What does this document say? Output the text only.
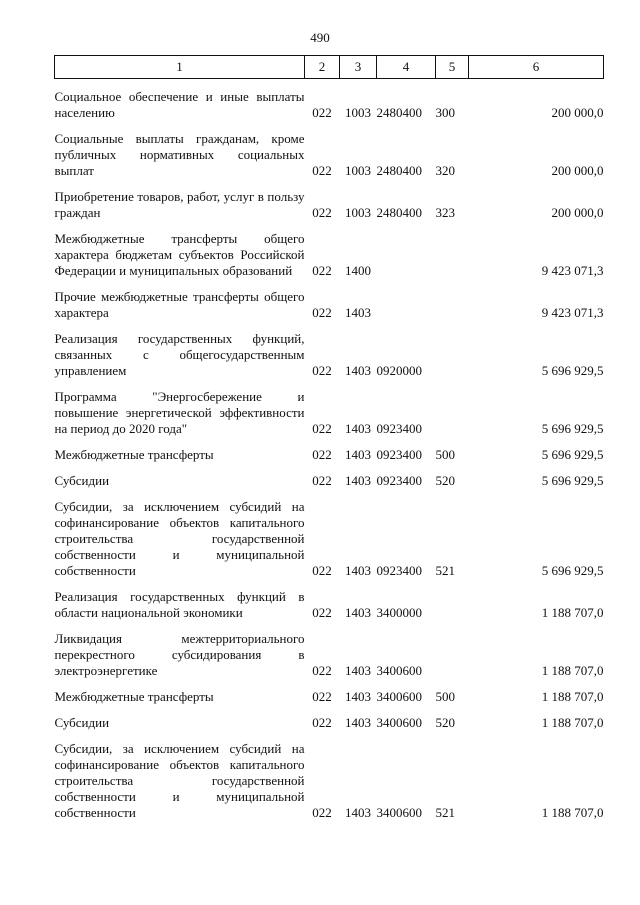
490
1	2	3	4	5	6

Социальное обеспечение и иные выплаты населению	022	1003	2480400	300	200 000,0

Социальные выплаты гражданам, кроме публичных нормативных социальных выплат	022	1003	2480400	320	200 000,0

Приобретение товаров, работ, услуг в пользу граждан	022	1003	2480400	323	200 000,0

Межбюджетные трансферты общего характера бюджетам субъектов Российской Федерации и муниципальных образований	022	1400			9 423 071,3

Прочие межбюджетные трансферты общего характера	022	1403			9 423 071,3

Реализация государственных функций, связанных с общегосударственным управлением	022	1403	0920000		5 696 929,5

Программа "Энергосбережение и повышение энергетической эффективности на период до 2020 года"	022	1403	0923400		5 696 929,5

Межбюджетные трансферты	022	1403	0923400	500	5 696 929,5

Субсидии	022	1403	0923400	520	5 696 929,5

Субсидии, за исключением субсидий на софинансирование объектов капитального строительства государственной собственности и муниципальной собственности	022	1403	0923400	521	5 696 929,5

Реализация государственных функций в области национальной экономики	022	1403	3400000		1 188 707,0

Ликвидация межтерриториального перекрестного субсидирования в электроэнергетике	022	1403	3400600		1 188 707,0

Межбюджетные трансферты	022	1403	3400600	500	1 188 707,0

Субсидии	022	1403	3400600	520	1 188 707,0

Субсидии, за исключением субсидий на софинансирование объектов капитального строительства государственной собственности и муниципальной собственности	022	1403	3400600	521	1 188 707,0
